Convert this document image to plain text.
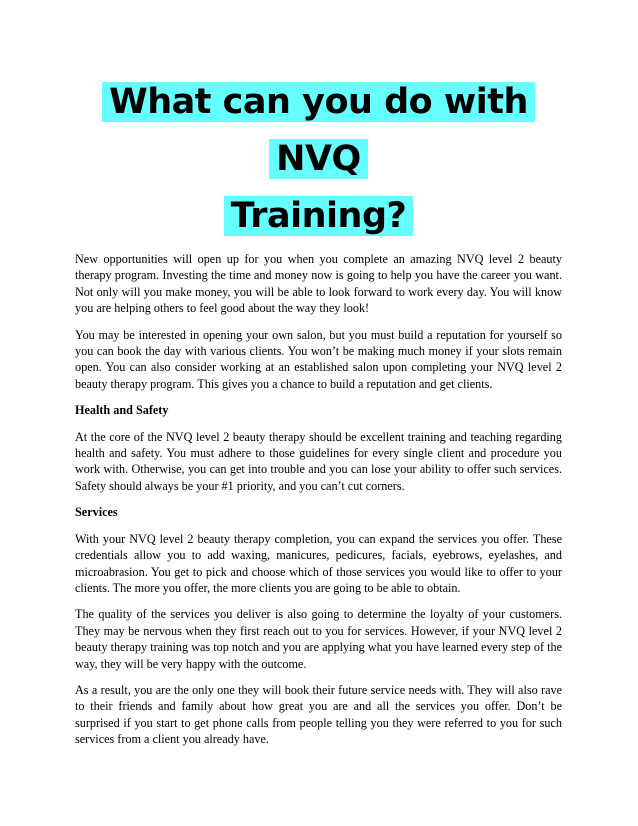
What can you do with NVQ
Training?

New opportunities will open up for you when you complete an amazing NVQ level 2 beauty therapy program. Investing the time and money now is going to help you have the career you want. Not only will you make money, you will be able to look forward to work every day. You will know you are helping others to feel good about the way they look!

You may be interested in opening your own salon, but you must build a reputation for yourself so you can book the day with various clients. You won’t be making much money if your slots remain open. You can also consider working at an established salon upon completing your NVQ level 2 beauty therapy program. This gives you a chance to build a reputation and get clients.

Health and Safety

At the core of the NVQ level 2 beauty therapy should be excellent training and teaching regarding health and safety. You must adhere to those guidelines for every single client and procedure you work with. Otherwise, you can get into trouble and you can lose your ability to offer such services. Safety should always be your #1 priority, and you can’t cut corners.

Services

With your NVQ level 2 beauty therapy completion, you can expand the services you offer. These credentials allow you to add waxing, manicures, pedicures, facials, eyebrows, eyelashes, and microabrasion. You get to pick and choose which of those services you would like to offer to your clients. The more you offer, the more clients you are going to be able to obtain.

The quality of the services you deliver is also going to determine the loyalty of your customers. They may be nervous when they first reach out to you for services. However, if your NVQ level 2 beauty therapy training was top notch and you are applying what you have learned every step of the way, they will be very happy with the outcome.

As a result, you are the only one they will book their future service needs with. They will also rave to their friends and family about how great you are and all the services you offer. Don’t be surprised if you start to get phone calls from people telling you they were referred to you for such services from a client you already have.
